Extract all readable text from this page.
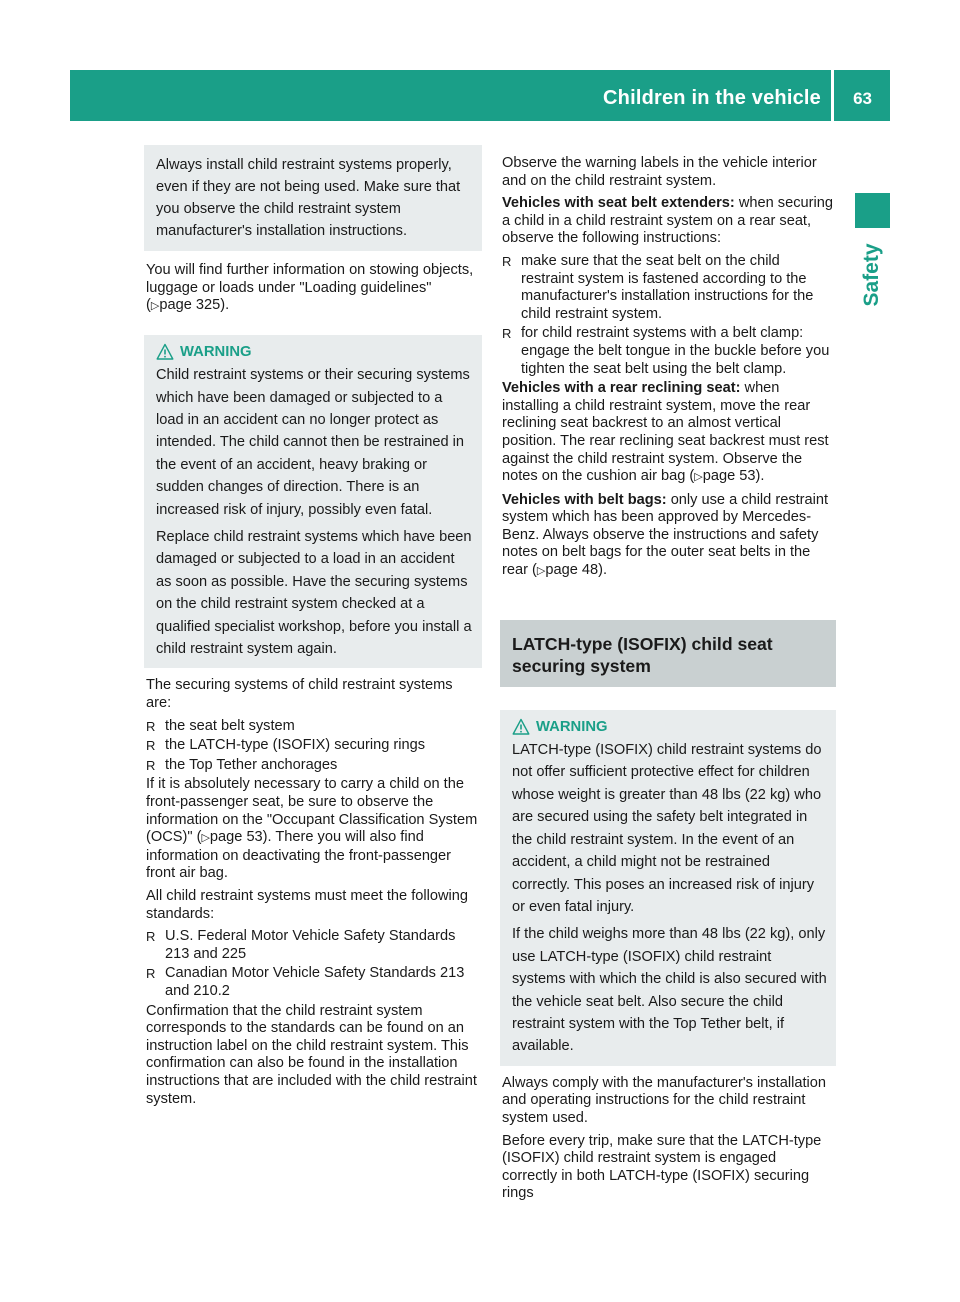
Children in the vehicle 63
Safety

Always install child restraint systems properly, even if they are not being used. Make sure that you observe the child restraint system manufacturer's installation instructions.

You will find further information on stowing objects, luggage or loads under "Loading guidelines" (▷page 325).

WARNING

Child restraint systems or their securing systems which have been damaged or subjected to a load in an accident can no longer protect as intended. The child cannot then be restrained in the event of an accident, heavy braking or sudden changes of direction. There is an increased risk of injury, possibly even fatal.

Replace child restraint systems which have been damaged or subjected to a load in an accident as soon as possible. Have the securing systems on the child restraint system checked at a qualified specialist workshop, before you install a child restraint system again.

The securing systems of child restraint systems are:

R the seat belt system
R the LATCH-type (ISOFIX) securing rings
R the Top Tether anchorages

If it is absolutely necessary to carry a child on the front-passenger seat, be sure to observe the information on the "Occupant Classification System (OCS)" (▷page 53). There you will also find information on deactivating the front-passenger front air bag.

All child restraint systems must meet the following standards:

R U.S. Federal Motor Vehicle Safety Standards 213 and 225
R Canadian Motor Vehicle Safety Standards 213 and 210.2

Confirmation that the child restraint system corresponds to the standards can be found on an instruction label on the child restraint system. This confirmation can also be found in the installation instructions that are included with the child restraint system.

Observe the warning labels in the vehicle interior and on the child restraint system.

Vehicles with seat belt extenders: when securing a child in a child restraint system on a rear seat, observe the following instructions:

R make sure that the seat belt on the child restraint system is fastened according to the manufacturer's installation instructions for the child restraint system.
R for child restraint systems with a belt clamp: engage the belt tongue in the buckle before you tighten the seat belt using the belt clamp.

Vehicles with a rear reclining seat: when installing a child restraint system, move the rear reclining seat backrest to an almost vertical position. The rear reclining seat backrest must rest against the child restraint system. Observe the notes on the cushion air bag (▷page 53).

Vehicles with belt bags: only use a child restraint system which has been approved by Mercedes-Benz. Always observe the instructions and safety notes on belt bags for the outer seat belts in the rear (▷page 48).

LATCH-type (ISOFIX) child seat securing system
WARNING

LATCH-type (ISOFIX) child restraint systems do not offer sufficient protective effect for children whose weight is greater than 48 lbs (22 kg) who are secured using the safety belt integrated in the child restraint system. In the event of an accident, a child might not be restrained correctly. This poses an increased risk of injury or even fatal injury.

If the child weighs more than 48 lbs (22 kg), only use LATCH-type (ISOFIX) child restraint systems with which the child is also secured with the vehicle seat belt. Also secure the child restraint system with the Top Tether belt, if available.

Always comply with the manufacturer's installation and operating instructions for the child restraint system used.

Before every trip, make sure that the LATCH-type (ISOFIX) child restraint system is engaged correctly in both LATCH-type (ISOFIX) securing rings
